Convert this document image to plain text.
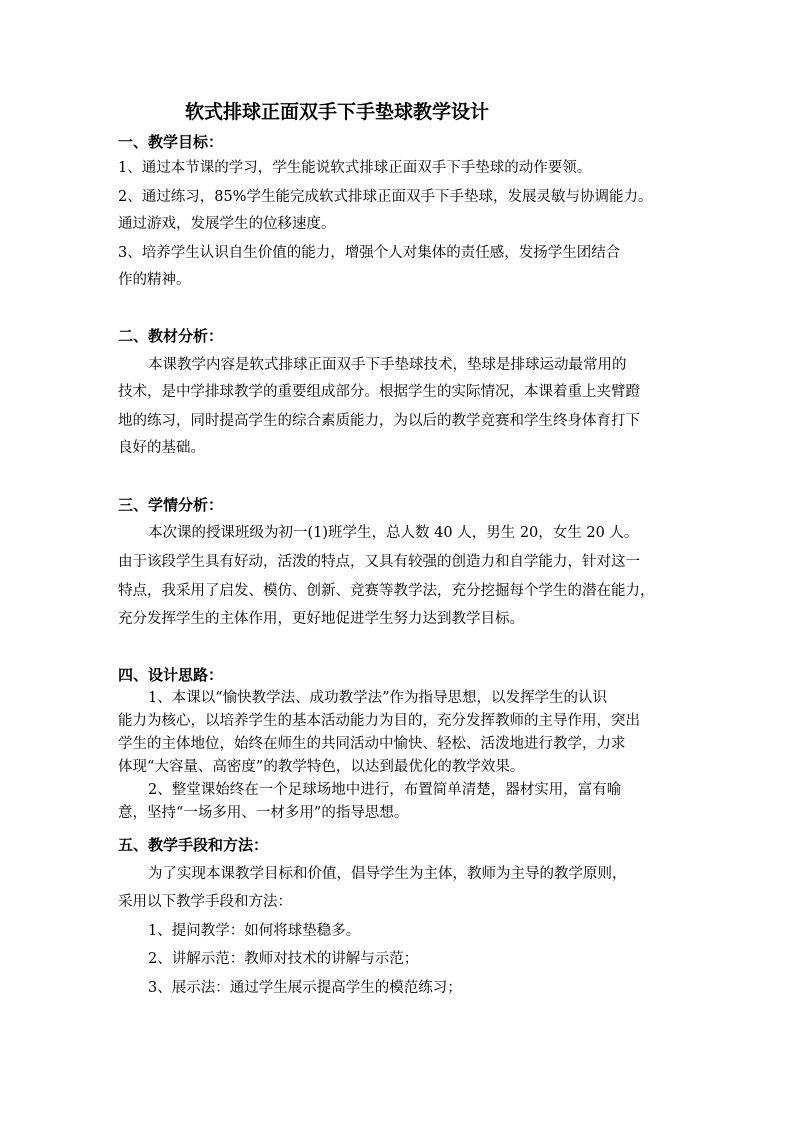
软式排球正面双手下手垫球教学设计
一、教学目标：
1、通过本节课的学习，学生能说软式排球正面双手下手垫球的动作要领。
2、通过练习，85%学生能完成软式排球正面双手下手垫球，发展灵敏与协调能力。
通过游戏，发展学生的位移速度。
3、培养学生认识自生价值的能力，增强个人对集体的责任感，发扬学生团结合
作的精神。
二、教材分析：
本课教学内容是软式排球正面双手下手垫球技术，垫球是排球运动最常用的
技术，是中学排球教学的重要组成部分。根据学生的实际情况，本课着重上夹臂蹬
地的练习，同时提高学生的综合素质能力，为以后的教学竞赛和学生终身体育打下
良好的基础。
三、学情分析：
本次课的授课班级为初一(1)班学生，总人数 40 人，男生 20，女生 20 人。
由于该段学生具有好动，活泼的特点，又具有较强的创造力和自学能力，针对这一
特点，我采用了启发、模仿、创新、竞赛等教学法，充分挖掘每个学生的潜在能力，
充分发挥学生的主体作用，更好地促进学生努力达到教学目标。
四、设计思路：
1、本课以“愉快教学法、成功教学法”作为指导思想，以发挥学生的认识
能力为核心，以培养学生的基本活动能力为目的，充分发挥教师的主导作用，突出
学生的主体地位，始终在师生的共同活动中愉快、轻松、活泼地进行教学，力求
体现“大容量、高密度”的教学特色，以达到最优化的教学效果。
2、整堂课始终在一个足球场地中进行，布置简单清楚，器材实用，富有喻
意，坚持“一场多用、一材多用”的指导思想。
五、教学手段和方法：
为了实现本课教学目标和价值，倡导学生为主体，教师为主导的教学原则，
采用以下教学手段和方法：
1、提问教学：如何将球垫稳多。
2、讲解示范：教师对技术的讲解与示范；
3、展示法：通过学生展示提高学生的模范练习；
